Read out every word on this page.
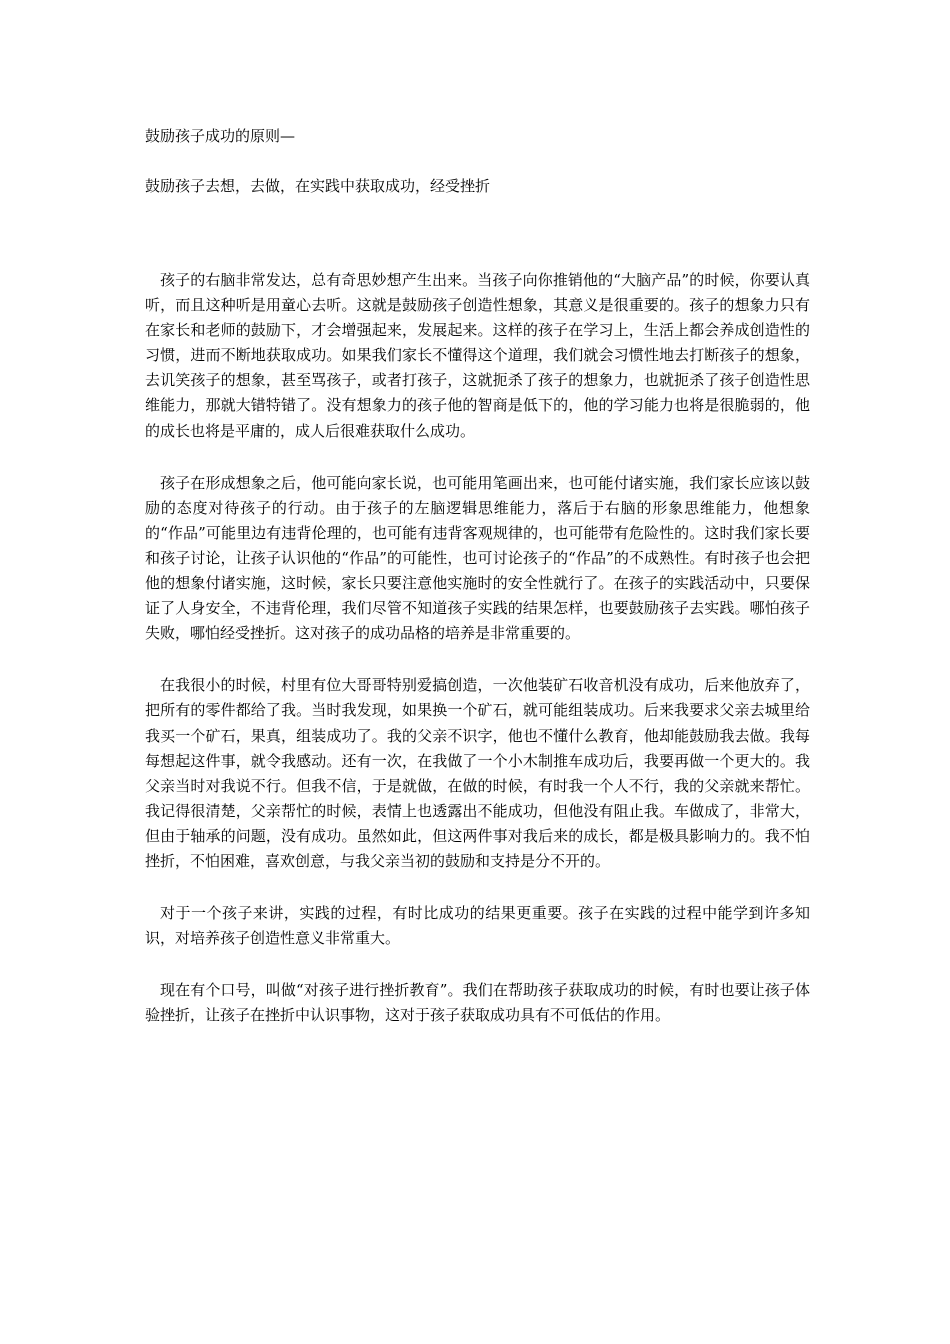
鼓励孩子成功的原则—
鼓励孩子去想，去做，在实践中获取成功，经受挫折

孩子的右脑非常发达，总有奇思妙想产生出来。当孩子向你推销他的“大脑产品”的时候，你要认真听，而且这种听是用童心去听。这就是鼓励孩子创造性想象，其意义是很重要的。孩子的想象力只有在家长和老师的鼓励下，才会增强起来，发展起来。这样的孩子在学习上，生活上都会养成创造性的习惯，进而不断地获取成功。如果我们家长不懂得这个道理，我们就会习惯性地去打断孩子的想象，去讥笑孩子的想象，甚至骂孩子，或者打孩子，这就扼杀了孩子的想象力，也就扼杀了孩子创造性思维能力，那就大错特错了。没有想象力的孩子他的智商是低下的，他的学习能力也将是很脆弱的，他的成长也将是平庸的，成人后很难获取什么成功。

孩子在形成想象之后，他可能向家长说，也可能用笔画出来，也可能付诸实施，我们家长应该以鼓励的态度对待孩子的行动。由于孩子的左脑逻辑思维能力，落后于右脑的形象思维能力，他想象的“作品”可能里边有违背伦理的，也可能有违背客观规律的，也可能带有危险性的。这时我们家长要和孩子讨论，让孩子认识他的“作品”的可能性，也可讨论孩子的“作品”的不成熟性。有时孩子也会把他的想象付诸实施，这时候，家长只要注意他实施时的安全性就行了。在孩子的实践活动中，只要保证了人身安全，不违背伦理，我们尽管不知道孩子实践的结果怎样，也要鼓励孩子去实践。哪怕孩子失败，哪怕经受挫折。这对孩子的成功品格的培养是非常重要的。

在我很小的时候，村里有位大哥哥特别爱搞创造，一次他装矿石收音机没有成功，后来他放弃了，把所有的零件都给了我。当时我发现，如果换一个矿石，就可能组装成功。后来我要求父亲去城里给我买一个矿石，果真，组装成功了。我的父亲不识字，他也不懂什么教育，他却能鼓励我去做。我每每想起这件事，就令我感动。还有一次，在我做了一个小木制推车成功后，我要再做一个更大的。我父亲当时对我说不行。但我不信，于是就做，在做的时候，有时我一个人不行，我的父亲就来帮忙。我记得很清楚，父亲帮忙的时候，表情上也透露出不能成功，但他没有阻止我。车做成了，非常大，但由于轴承的问题，没有成功。虽然如此，但这两件事对我后来的成长，都是极具影响力的。我不怕挫折，不怕困难，喜欢创意，与我父亲当初的鼓励和支持是分不开的。

对于一个孩子来讲，实践的过程，有时比成功的结果更重要。孩子在实践的过程中能学到许多知识，对培养孩子创造性意义非常重大。

现在有个口号，叫做“对孩子进行挫折教育”。我们在帮助孩子获取成功的时候，有时也要让孩子体验挫折，让孩子在挫折中认识事物，这对于孩子获取成功具有不可低估的作用。
